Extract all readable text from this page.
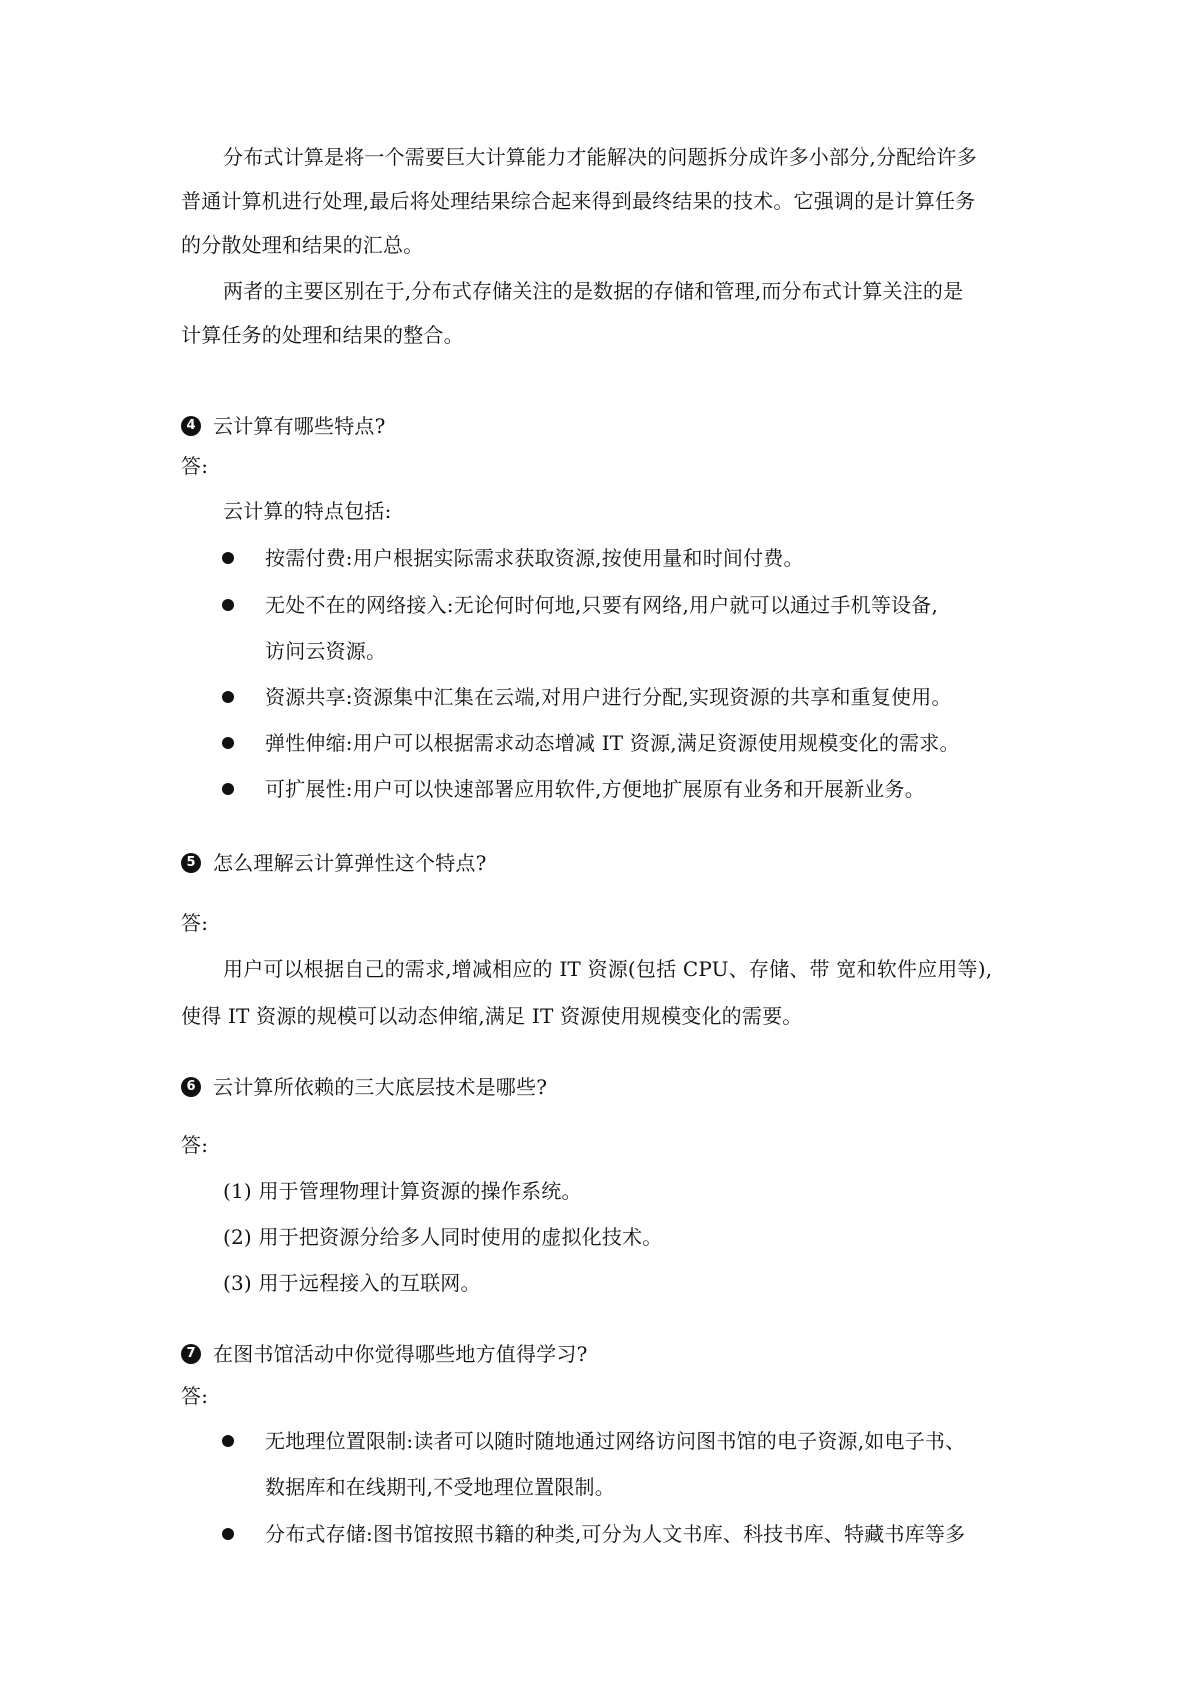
分布式计算是将一个需要巨大计算能力才能解决的问题拆分成许多小部分,分配给许多
普通计算机进行处理,最后将处理结果综合起来得到最终结果的技术。它强调的是计算任务
的分散处理和结果的汇总。
两者的主要区别在于,分布式存储关注的是数据的存储和管理,而分布式计算关注的是
计算任务的处理和结果的整合。
4 云计算有哪些特点?
答:
云计算的特点包括:
按需付费:用户根据实际需求获取资源,按使用量和时间付费。
无处不在的网络接入:无论何时何地,只要有网络,用户就可以通过手机等设备,
访问云资源。
资源共享:资源集中汇集在云端,对用户进行分配,实现资源的共享和重复使用。
弹性伸缩:用户可以根据需求动态增减 IT 资源,满足资源使用规模变化的需求。
可扩展性:用户可以快速部署应用软件,方便地扩展原有业务和开展新业务。
5 怎么理解云计算弹性这个特点?
答:
用户可以根据自己的需求,增减相应的 IT 资源(包括 CPU、存储、带 宽和软件应用等),
使得 IT 资源的规模可以动态伸缩,满足 IT 资源使用规模变化的需要。
6 云计算所依赖的三大底层技术是哪些?
答:
(1) 用于管理物理计算资源的操作系统。
(2) 用于把资源分给多人同时使用的虚拟化技术。
(3) 用于远程接入的互联网。
7 在图书馆活动中你觉得哪些地方值得学习?
答:
无地理位置限制:读者可以随时随地通过网络访问图书馆的电子资源,如电子书、
数据库和在线期刊,不受地理位置限制。
分布式存储:图书馆按照书籍的种类,可分为人文书库、科技书库、特藏书库等多
